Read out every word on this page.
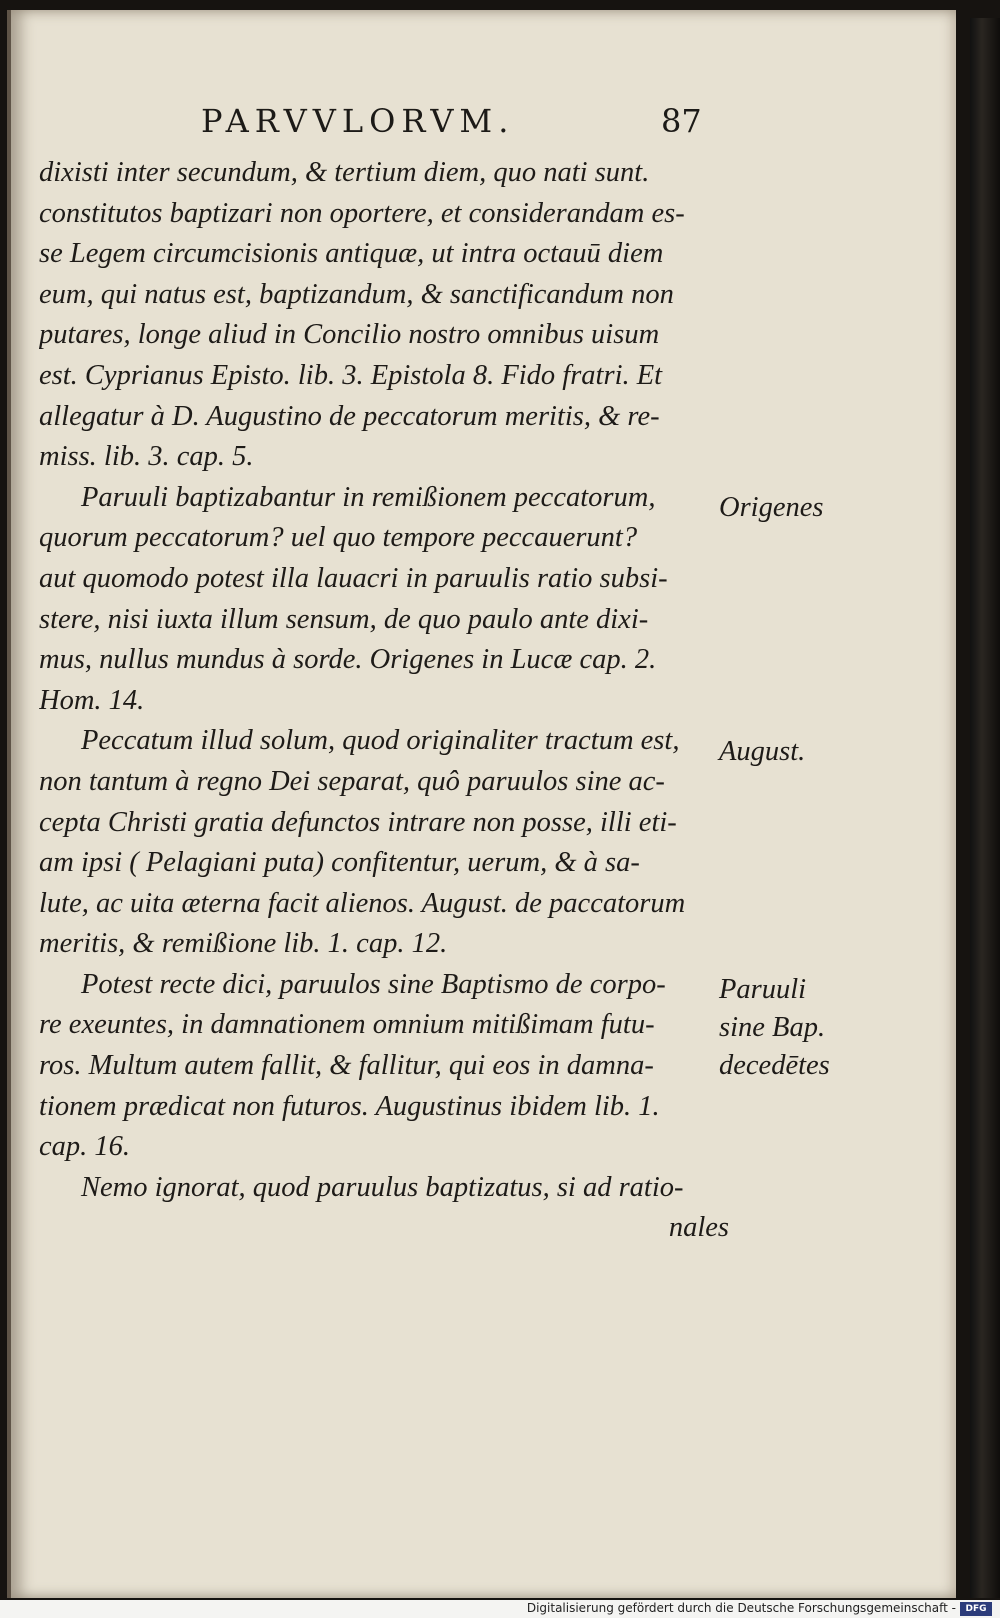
PARVVLORVM.	87
dixisti inter secundum, & tertium diem, quo nati sunt.
constitutos baptizari non oportere, et considerandam es-
se Legem circumcisionis antiquæ, ut intra octauū diem
eum, qui natus est, baptizandum, & sanctificandum non
putares, longe aliud in Concilio nostro omnibus uisum
est. Cyprianus Episto. lib. 3. Epistola 8. Fido fratri. Et
allegatur à D. Augustino de peccatorum meritis, & re-
miss. lib. 3. cap. 5.
Paruuli baptizabantur in remißionem peccatorum,
quorum peccatorum? uel quo tempore peccauerunt?
aut quomodo potest illa lauacri in paruulis ratio subsi-
stere, nisi iuxta illum sensum, de quo paulo ante dixi-
mus, nullus mundus à sorde. Origenes in Lucæ cap. 2.
Hom. 14.
Peccatum illud solum, quod originaliter tractum est,
non tantum à regno Dei separat, quô paruulos sine ac-
cepta Christi gratia defunctos intrare non posse, illi eti-
am ipsi ( Pelagiani puta) confitentur, uerum, & à sa-
lute, ac uita æterna facit alienos. August. de paccatorum
meritis, & remißione lib. 1. cap. 12.
Potest recte dici, paruulos sine Baptismo de corpo-
re exeuntes, in damnationem omnium mitißimam futu-
ros. Multum autem fallit, & fallitur, qui eos in damna-
tionem prædicat non futuros. Augustinus ibidem lib. 1.
cap. 16.
Nemo ignorat, quod paruulus baptizatus, si ad ratio-
nales
Origenes
August.
Paruuli
sine Bap.
decedētes
Digitalisierung gefördert durch die Deutsche Forschungsgemeinschaft -	DFG
